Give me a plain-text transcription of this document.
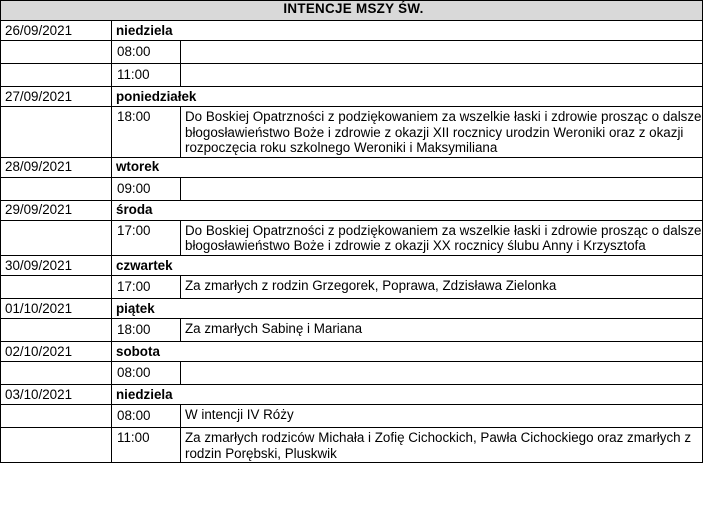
INTENCJE MSZY ŚW.		
26/09/2021	niedziela	
	08:00	
	11:00	
27/09/2021	poniedziałek	
	18:00	Do Boskiej Opatrzności z podziękowaniem za wszelkie łaski i zdrowie prosząc o dalsze błogosławieństwo Boże i zdrowie z okazji XII rocznicy urodzin Weroniki oraz z okazji rozpoczęcia roku szkolnego Weroniki i Maksymiliana
28/09/2021	wtorek	
	09:00	
29/09/2021	środa	
	17:00	Do Boskiej Opatrzności z podziękowaniem za wszelkie łaski i zdrowie prosząc o dalsze błogosławieństwo Boże i zdrowie z okazji XX rocznicy ślubu Anny i Krzysztofa
30/09/2021	czwartek	
	17:00	Za zmarłych z rodzin Grzegorek, Poprawa, Zdzisława Zielonka
01/10/2021	piątek	
	18:00	Za zmarłych Sabinę i Mariana
02/10/2021	sobota	
	08:00	
03/10/2021	niedziela	
	08:00	W intencji IV Róży
	11:00	Za zmarłych rodziców Michała i Zofię Cichockich, Pawła Cichockiego oraz zmarłych z rodzin Porębski, Pluskwik
